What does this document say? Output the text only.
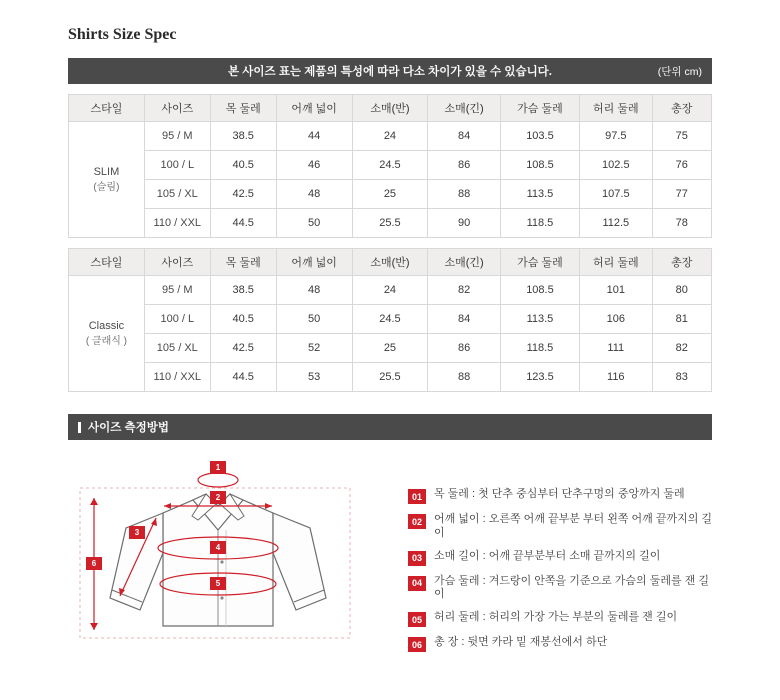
Shirts Size Spec
본 사이즈 표는 제품의 특성에 따라 다소 차이가 있을 수 있습니다.	(단위 cm)
스타일	사이즈	목 둘레	어깨 넓이	소매(반)	소매(긴)	가슴 둘레	허리 둘레	총장
SLIM
(슬림)	95 / M	38.5	44	24	84	103.5	97.5	75
	100 / L	40.5	46	24.5	86	108.5	102.5	76
	105 / XL	42.5	48	25	88	113.5	107.5	77
	110 / XXL	44.5	50	25.5	90	118.5	112.5	78
스타일	사이즈	목 둘레	어깨 넓이	소매(반)	소매(긴)	가슴 둘레	허리 둘레	총장
Classic
( 클래식 )	95 / M	38.5	48	24	82	108.5	101	80
	100 / L	40.5	50	24.5	84	113.5	106	81
	105 / XL	42.5	52	25	86	118.5	111	82
	110 / XXL	44.5	53	25.5	88	123.5	116	83
사이즈 측정방법
1
2
3
4
5
6
01	목 둘레 : 첫 단추 중심부터 단추구멍의 중앙까지 둘레
02	어깨 넓이 : 오른쪽 어깨 끝부분 부터 왼쪽 어깨 끝까지의 길이
03	소매 길이 : 어깨 끝부분부터 소매 끝까지의 길이
04	가슴 둘레 : 겨드랑이 안쪽을 기준으로 가슴의 둘레를 잰 길이
05	허리 둘레 : 허리의 가장 가는 부분의 둘레를 잰 길이
06	총 장 : 뒷면 카라 밑 재봉선에서 하단
